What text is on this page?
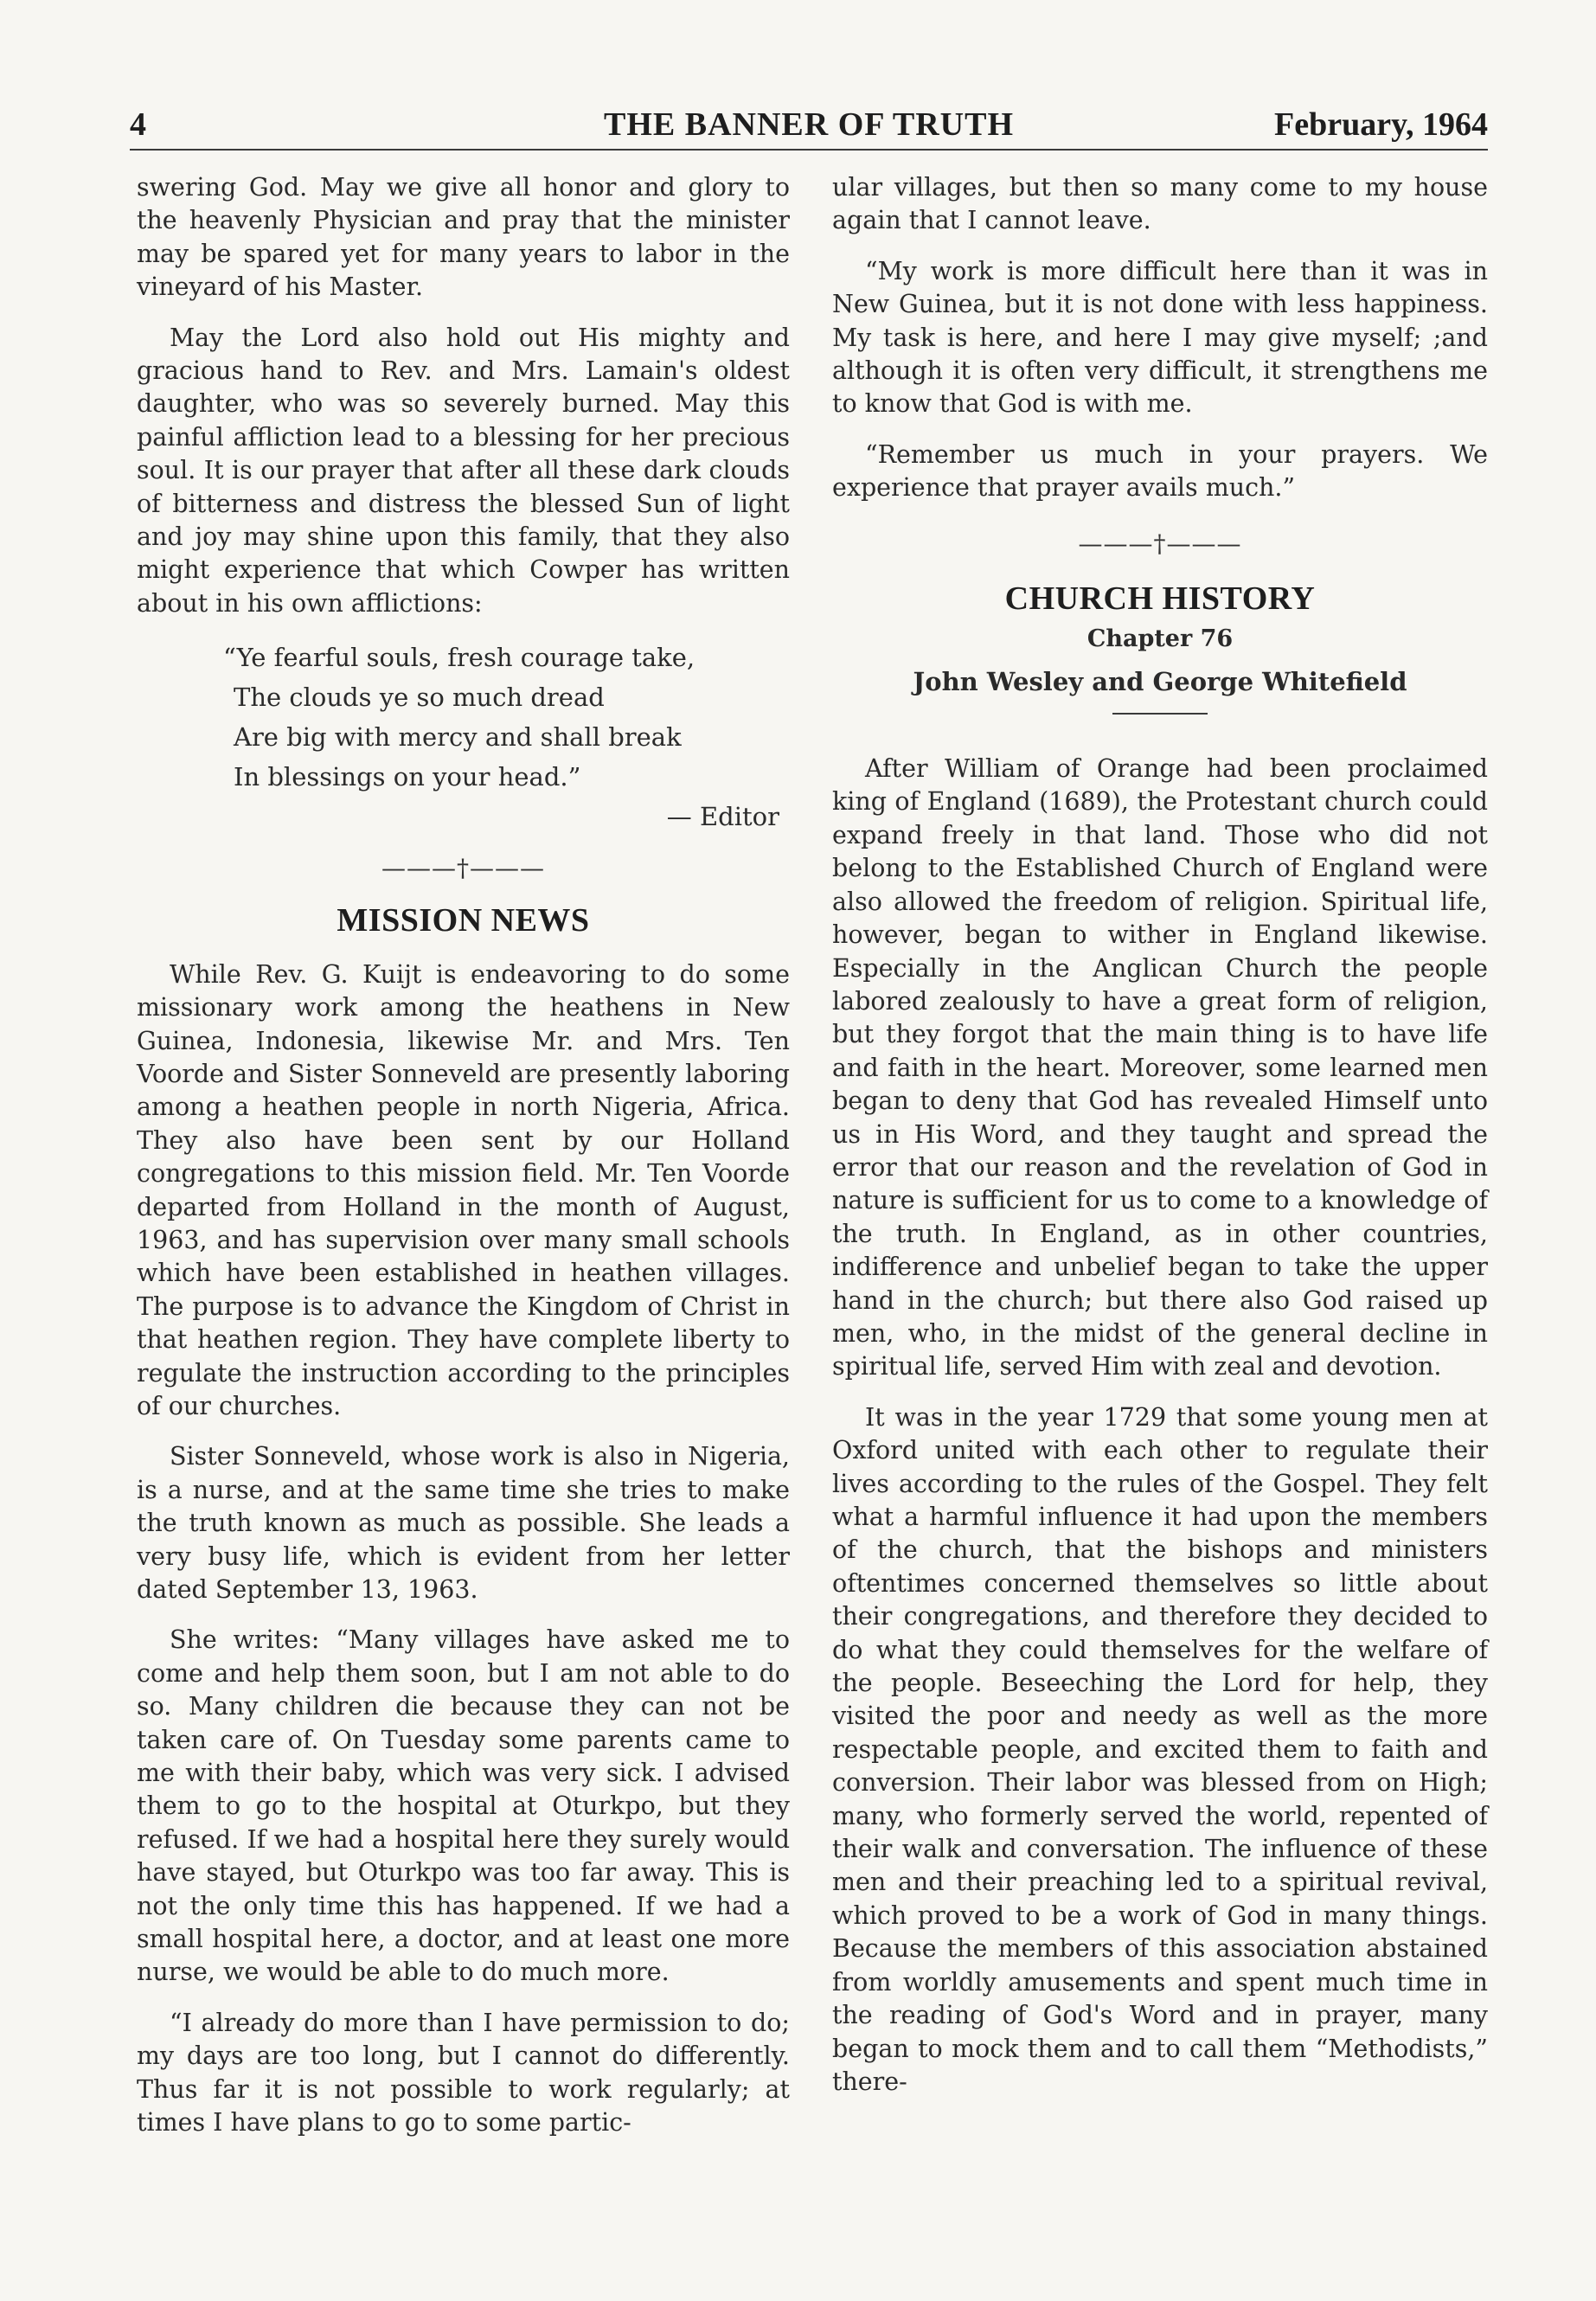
4	THE BANNER OF TRUTH	February, 1964

swering God. May we give all honor and glory to the heavenly Physician and pray that the minister may be spared yet for many years to labor in the vineyard of his Master.

May the Lord also hold out His mighty and gracious hand to Rev. and Mrs. Lamain's oldest daughter, who was so severely burned. May this painful affliction lead to a blessing for her precious soul. It is our prayer that after all these dark clouds of bitterness and distress the blessed Sun of light and joy may shine upon this family, that they also might experience that which Cowper has written about in his own afflictions:

“Ye fearful souls, fresh courage take,
The clouds ye so much dread
Are big with mercy and shall break
In blessings on your head.”
— Editor
———†———
MISSION NEWS

While Rev. G. Kuijt is endeavoring to do some missionary work among the heathens in New Guinea, Indonesia, likewise Mr. and Mrs. Ten Voorde and Sister Sonneveld are presently laboring among a heathen people in north Nigeria, Africa. They also have been sent by our Holland congregations to this mission field. Mr. Ten Voorde departed from Holland in the month of August, 1963, and has supervision over many small schools which have been established in heathen villages. The purpose is to advance the Kingdom of Christ in that heathen region. They have complete liberty to regulate the instruction according to the principles of our churches.

Sister Sonneveld, whose work is also in Nigeria, is a nurse, and at the same time she tries to make the truth known as much as possible. She leads a very busy life, which is evident from her letter dated September 13, 1963.

She writes: “Many villages have asked me to come and help them soon, but I am not able to do so. Many children die because they can not be taken care of. On Tuesday some parents came to me with their baby, which was very sick. I advised them to go to the hospital at Oturkpo, but they refused. If we had a hospital here they surely would have stayed, but Oturkpo was too far away. This is not the only time this has happened. If we had a small hospital here, a doctor, and at least one more nurse, we would be able to do much more.

“I already do more than I have permission to do; my days are too long, but I cannot do differently. Thus far it is not possible to work regularly; at times I have plans to go to some partic-

ular villages, but then so many come to my house again that I cannot leave.

“My work is more difficult here than it was in New Guinea, but it is not done with less happiness. My task is here, and here I may give myself; ;and although it is often very difficult, it strengthens me to know that God is with me.

“Remember us much in your prayers. We experience that prayer avails much.”

———†———
CHURCH HISTORY
Chapter 76
John Wesley and George Whitefield

After William of Orange had been proclaimed king of England (1689), the Protestant church could expand freely in that land. Those who did not belong to the Established Church of England were also allowed the freedom of religion. Spiritual life, however, began to wither in England likewise. Especially in the Anglican Church the people labored zealously to have a great form of religion, but they forgot that the main thing is to have life and faith in the heart. Moreover, some learned men began to deny that God has revealed Himself unto us in His Word, and they taught and spread the error that our reason and the revelation of God in nature is sufficient for us to come to a knowledge of the truth. In England, as in other countries, indifference and unbelief began to take the upper hand in the church; but there also God raised up men, who, in the midst of the general decline in spiritual life, served Him with zeal and devotion.

It was in the year 1729 that some young men at Oxford united with each other to regulate their lives according to the rules of the Gospel. They felt what a harmful influence it had upon the members of the church, that the bishops and ministers oftentimes concerned themselves so little about their congregations, and therefore they decided to do what they could themselves for the welfare of the people. Beseeching the Lord for help, they visited the poor and needy as well as the more respectable people, and excited them to faith and conversion. Their labor was blessed from on High; many, who formerly served the world, repented of their walk and conversation. The influence of these men and their preaching led to a spiritual revival, which proved to be a work of God in many things. Because the members of this association abstained from worldly amusements and spent much time in the reading of God's Word and in prayer, many began to mock them and to call them “Methodists,” there-
